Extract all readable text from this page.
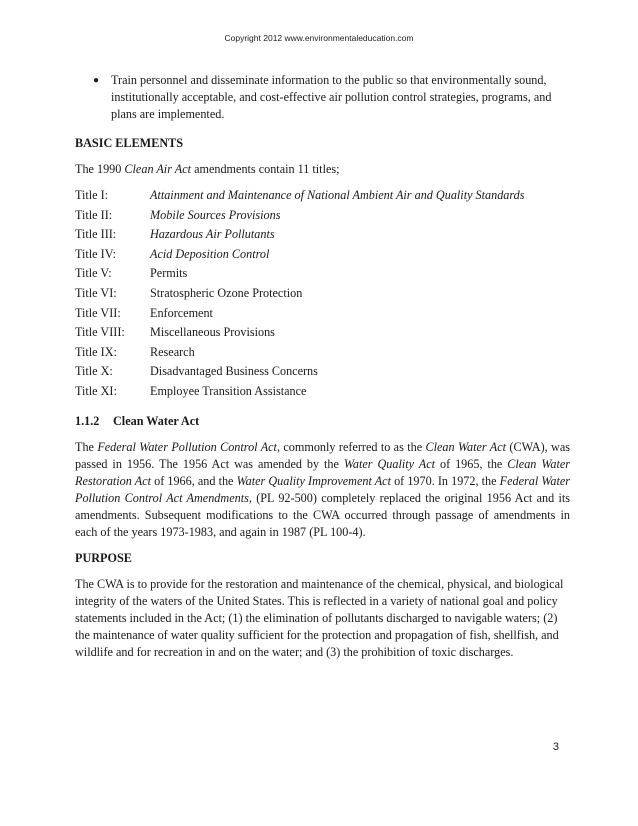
Copyright 2012 www.environmentaleducation.com
● Train personnel and disseminate information to the public so that environmentally sound, institutionally acceptable, and cost-effective air pollution control strategies, programs, and plans are implemented.
BASIC ELEMENTS

The 1990 Clean Air Act amendments contain 11 titles;

Title I:	Attainment and Maintenance of National Ambient Air and Quality Standards
Title II:	Mobile Sources Provisions
Title III:	Hazardous Air Pollutants
Title IV:	Acid Deposition Control
Title V:	Permits
Title VI:	Stratospheric Ozone Protection
Title VII:	Enforcement
Title VIII:	Miscellaneous Provisions
Title IX:	Research
Title X:	Disadvantaged Business Concerns
Title XI:	Employee Transition Assistance
1.1.2 Clean Water Act

The Federal Water Pollution Control Act, commonly referred to as the Clean Water Act (CWA), was passed in 1956. The 1956 Act was amended by the Water Quality Act of 1965, the Clean Water Restoration Act of 1966, and the Water Quality Improvement Act of 1970. In 1972, the Federal Water Pollution Control Act Amendments, (PL 92-500) completely replaced the original 1956 Act and its amendments. Subsequent modifications to the CWA occurred through passage of amendments in each of the years 1973-1983, and again in 1987 (PL 100-4).

PURPOSE

The CWA is to provide for the restoration and maintenance of the chemical, physical, and biological integrity of the waters of the United States. This is reflected in a variety of national goal and policy statements included in the Act; (1) the elimination of pollutants discharged to navigable waters; (2) the maintenance of water quality sufficient for the protection and propagation of fish, shellfish, and wildlife and for recreation in and on the water; and (3) the prohibition of toxic discharges.

3
